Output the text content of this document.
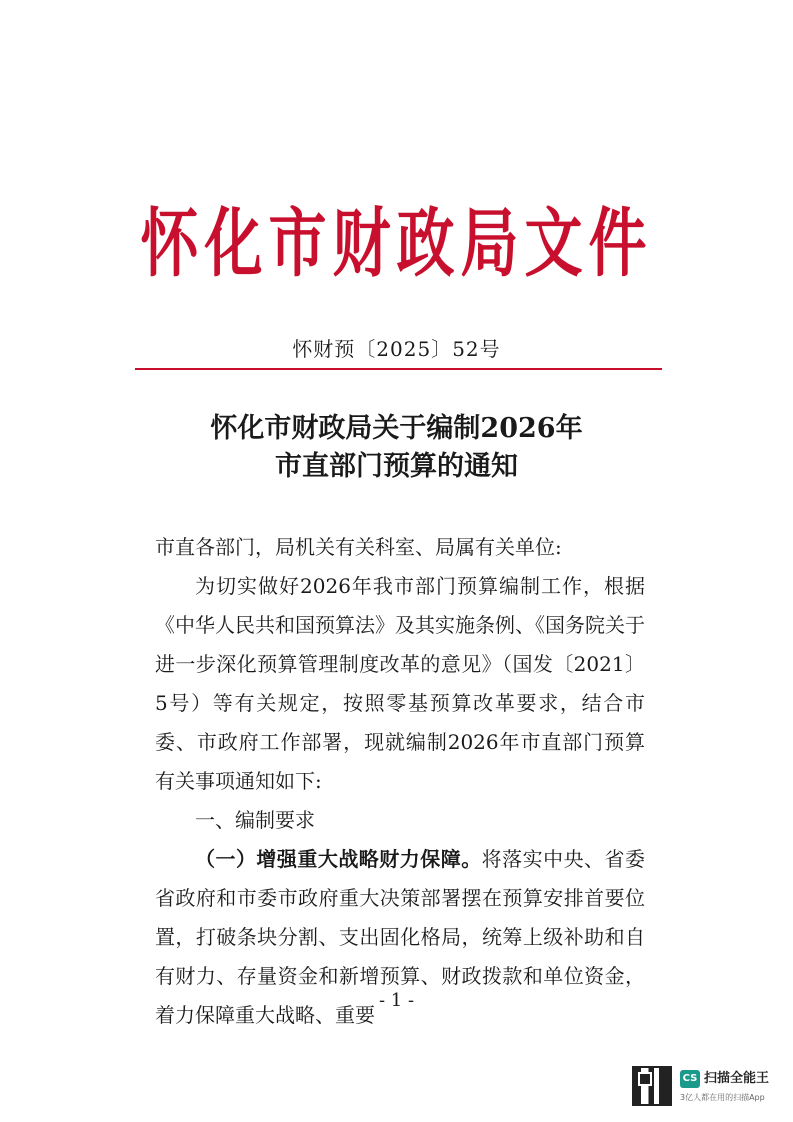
怀化市财政局文件
怀财预〔2025〕52号
怀化市财政局关于编制2026年
市直部门预算的通知

市直各部门，局机关有关科室、局属有关单位:

为切实做好2026年我市部门预算编制工作，根据《中华人民共和国预算法》及其实施条例、《国务院关于进一步深化预算管理制度改革的意见》（国发〔2021〕5号）等有关规定，按照零基预算改革要求，结合市委、市政府工作部署，现就编制2026年市直部门预算有关事项通知如下:

一、编制要求

（一）增强重大战略财力保障。将落实中央、省委省政府和市委市政府重大决策部署摆在预算安排首要位置，打破条块分割、支出固化格局，统筹上级补助和自有财力、存量资金和新增预算、财政拨款和单位资金，着力保障重大战略、重要

- 1 -
CS 扫描全能王
3亿人都在用的扫描App
